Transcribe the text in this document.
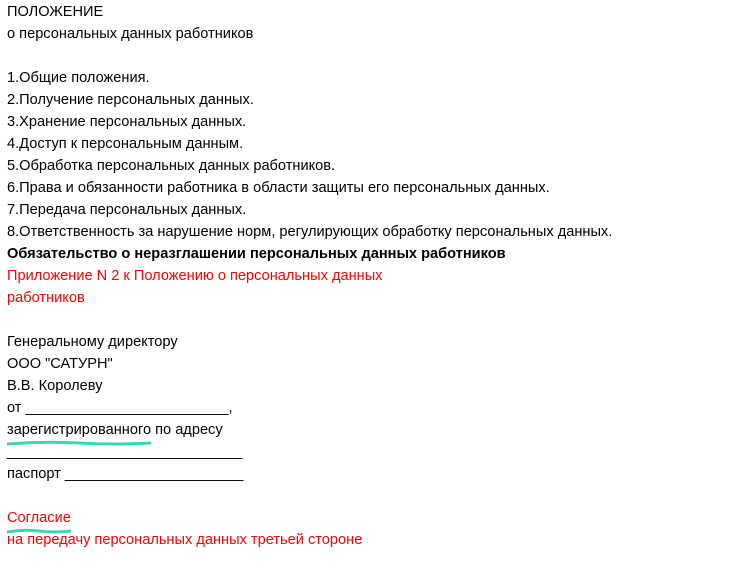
ПОЛОЖЕНИЕ
о персональных данных работников
1.Общие положения.
2.Получение персональных данных.
3.Хранение персональных данных.
4.Доступ к персональным данным.
5.Обработка персональных данных работников.
6.Права и обязанности работника в области защиты его персональных данных.
7.Передача персональных данных.
8.Ответственность за нарушение норм, регулирующих обработку персональных данных.
Обязательство о неразглашении персональных данных работников
Приложение N 2 к Положению о персональных данных
работников
Генеральному директору
ООО "САТУРН"
В.В. Королеву
от _________________________,
зарегистрированного
по адресу
_____________________________
паспорт ______________________
Согласие
на передачу персональных данных третьей стороне
